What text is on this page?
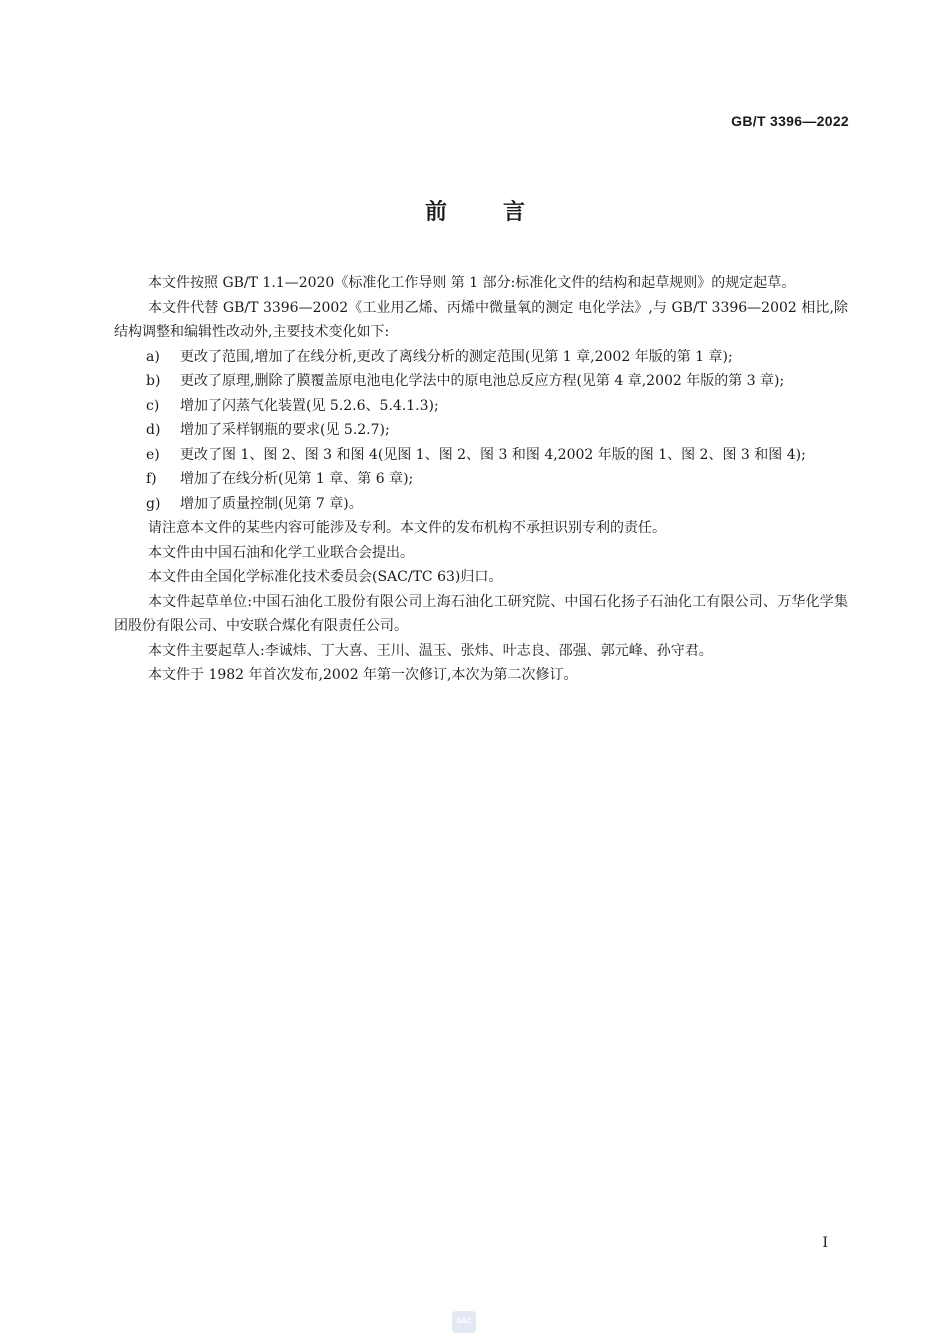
GB/T 3396—2022
前	言

本文件按照 GB/T 1.1—2020《标准化工作导则 第 1 部分:标准化文件的结构和起草规则》的规定起草。

本文件代替 GB/T 3396—2002《工业用乙烯、丙烯中微量氧的测定 电化学法》,与 GB/T 3396—2002 相比,除结构调整和编辑性改动外,主要技术变化如下:

a)	更改了范围,增加了在线分析,更改了离线分析的测定范围(见第 1 章,2002 年版的第 1 章);
b)	更改了原理,删除了膜覆盖原电池电化学法中的原电池总反应方程(见第 4 章,2002 年版的第 3 章);
c)	增加了闪蒸气化装置(见 5.2.6、5.4.1.3);
d)	增加了采样钢瓶的要求(见 5.2.7);
e)	更改了图 1、图 2、图 3 和图 4(见图 1、图 2、图 3 和图 4,2002 年版的图 1、图 2、图 3 和图 4);
f)	增加了在线分析(见第 1 章、第 6 章);
g)	增加了质量控制(见第 7 章)。

请注意本文件的某些内容可能涉及专利。本文件的发布机构不承担识别专利的责任。

本文件由中国石油和化学工业联合会提出。

本文件由全国化学标准化技术委员会(SAC/TC 63)归口。

本文件起草单位:中国石油化工股份有限公司上海石油化工研究院、中国石化扬子石油化工有限公司、万华化学集团股份有限公司、中安联合煤化有限责任公司。

本文件主要起草人:李诚炜、丁大喜、王川、温玉、张炜、叶志良、邵强、郭元峰、孙守君。

本文件于 1982 年首次发布,2002 年第一次修订,本次为第二次修订。

I
SAC
